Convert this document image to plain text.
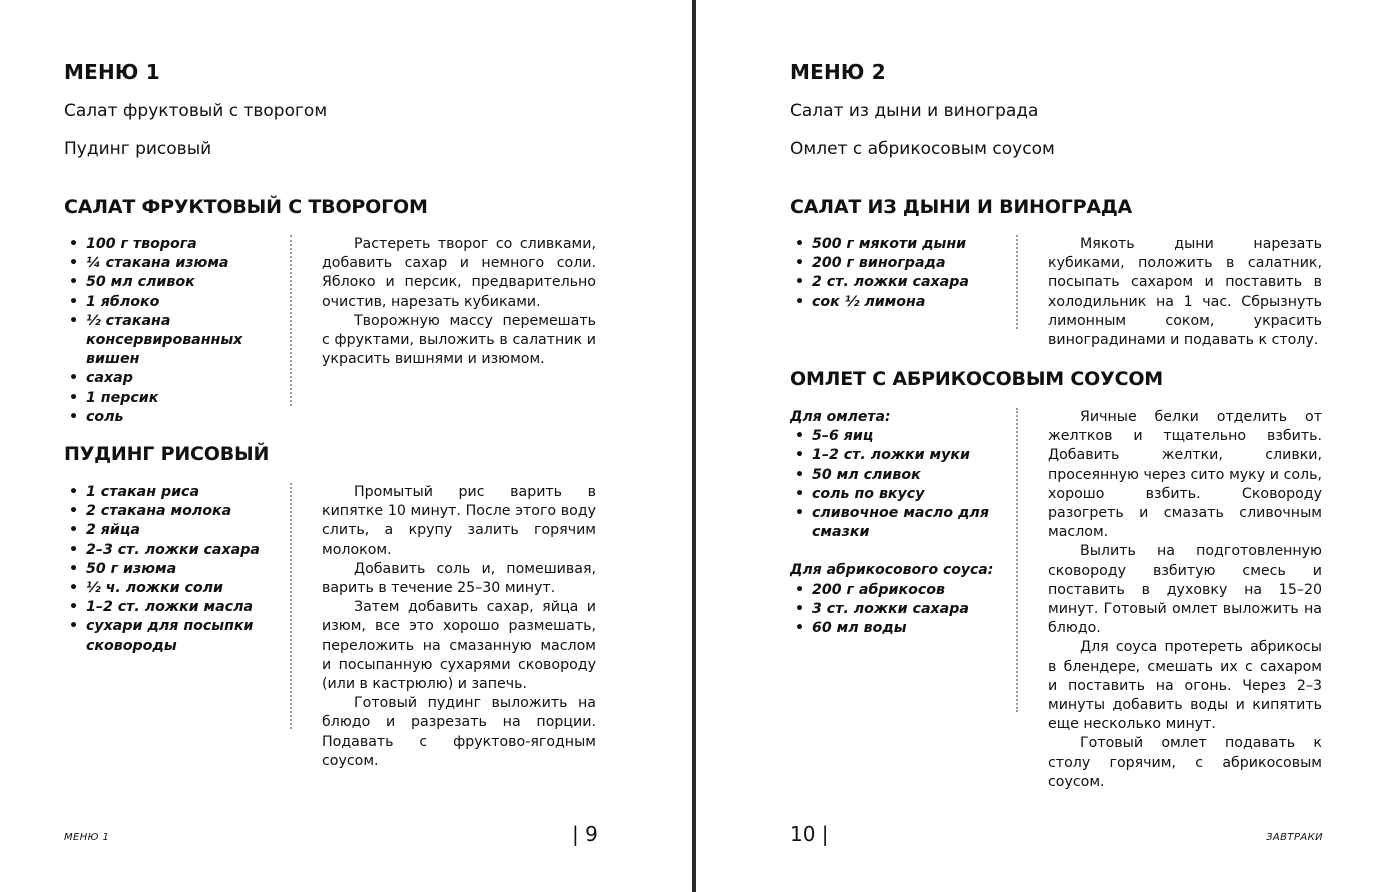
МЕНЮ 1
Салат фруктовый с творогом
Пудинг рисовый
САЛАТ ФРУКТОВЫЙ С ТВОРОГОМ
• 100 г творога
• ¼ стакана изюма
• 50 мл сливок
• 1 яблоко
• ½ стакана консервированных вишен
• сахар
• 1 персик
• соль

Растереть творог со сливками, добавить сахар и немного соли. Яблоко и персик, предварительно очистив, нарезать кубиками.

Творожную массу перемешать с фруктами, выложить в салатник и украсить вишнями и изюмом.

ПУДИНГ РИСОВЫЙ
• 1 стакан риса
• 2 стакана молока
• 2 яйца
• 2–3 ст. ложки сахара
• 50 г изюма
• ½ ч. ложки соли
• 1–2 ст. ложки масла
• сухари для посыпки сковороды

Промытый рис варить в кипятке 10 минут. После этого воду слить, а крупу залить горячим молоком.

Добавить соль и, помешивая, варить в течение 25–30 минут.

Затем добавить сахар, яйца и изюм, все это хорошо размешать, переложить на смазанную маслом и посыпанную сухарями сковороду (или в кастрюлю) и запечь.

Готовый пудинг выложить на блюдо и разрезать на порции. Подавать с фруктово-ягодным соусом.

МЕНЮ 1	| 9
МЕНЮ 2
Салат из дыни и винограда
Омлет с абрикосовым соусом
САЛАТ ИЗ ДЫНИ И ВИНОГРАДА
• 500 г мякоти дыни
• 200 г винограда
• 2 ст. ложки сахара
• сок ½ лимона

Мякоть дыни нарезать кубиками, положить в салатник, посыпать сахаром и поставить в холодильник на 1 час. Сбрызнуть лимонным соком, украсить виноградинами и подавать к столу.

ОМЛЕТ С АБРИКОСОВЫМ СОУСОМ
Для омлета:
• 5–6 яиц
• 1–2 ст. ложки муки
• 50 мл сливок
• соль по вкусу
• сливочное масло для смазки
Для абрикосового соуса:
• 200 г абрикосов
• 3 ст. ложки сахара
• 60 мл воды

Яичные белки отделить от желтков и тщательно взбить. Добавить желтки, сливки, просеянную через сито муку и соль, хорошо взбить. Сковороду разогреть и смазать сливочным маслом.

Вылить на подготовленную сковороду взбитую смесь и поставить в духовку на 15–20 минут. Готовый омлет выложить на блюдо.

Для соуса протереть абрикосы в блендере, смешать их с сахаром и поставить на огонь. Через 2–3 минуты добавить воды и кипятить еще несколько минут.

Готовый омлет подавать к столу горячим, с абрикосовым соусом.

10 |	ЗАВТРАКИ
